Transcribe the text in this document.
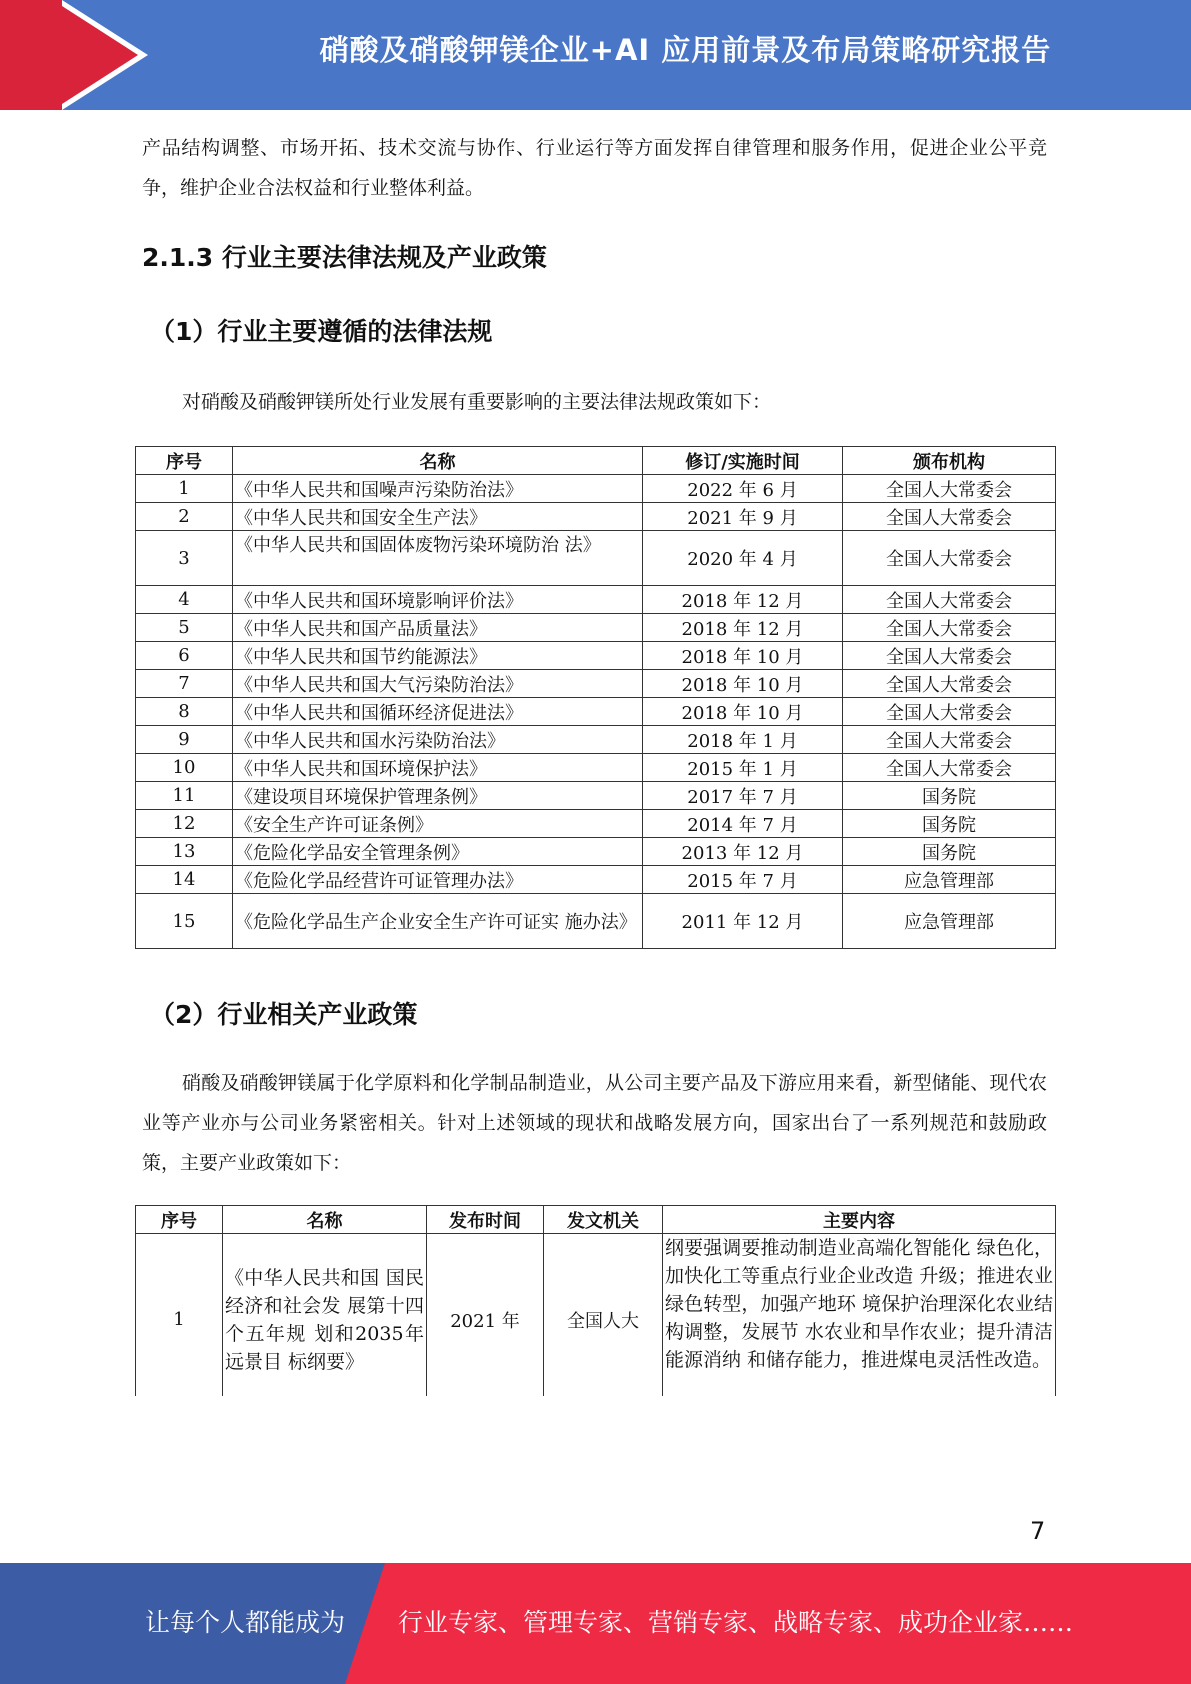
硝酸及硝酸钾镁企业+AI 应用前景及布局策略研究报告

产品结构调整、市场开拓、技术交流与协作、行业运行等方面发挥自律管理和服务作用，促进企业公平竞争，维护企业合法权益和行业整体利益。

2.1.3 行业主要法律法规及产业政策
（1）行业主要遵循的法律法规

对硝酸及硝酸钾镁所处行业发展有重要影响的主要法律法规政策如下：

序号	名称	修订/实施时间	颁布机构
1	《中华人民共和国噪声污染防治法》	2022 年 6 月	全国人大常委会
2	《中华人民共和国安全生产法》	2021 年 9 月	全国人大常委会
3	《中华人民共和国固体废物污染环境防治 法》	2020 年 4 月	全国人大常委会
4	《中华人民共和国环境影响评价法》	2018 年 12 月	全国人大常委会
5	《中华人民共和国产品质量法》	2018 年 12 月	全国人大常委会
6	《中华人民共和国节约能源法》	2018 年 10 月	全国人大常委会
7	《中华人民共和国大气污染防治法》	2018 年 10 月	全国人大常委会
8	《中华人民共和国循环经济促进法》	2018 年 10 月	全国人大常委会
9	《中华人民共和国水污染防治法》	2018 年 1 月	全国人大常委会
10	《中华人民共和国环境保护法》	2015 年 1 月	全国人大常委会
11	《建设项目环境保护管理条例》	2017 年 7 月	国务院
12	《安全生产许可证条例》	2014 年 7 月	国务院
13	《危险化学品安全管理条例》	2013 年 12 月	国务院
14	《危险化学品经营许可证管理办法》	2015 年 7 月	应急管理部
15	《危险化学品生产企业安全生产许可证实 施办法》	2011 年 12 月	应急管理部
（2）行业相关产业政策

硝酸及硝酸钾镁属于化学原料和化学制品制造业，从公司主要产品及下游应用来看，新型储能、现代农业等产业亦与公司业务紧密相关。针对上述领域的现状和战略发展方向，国家出台了一系列规范和鼓励政策，主要产业政策如下：

序号	名称	发布时间	发文机关	主要内容
1	《中华人民共和国 国民经济和社会发 展第十四个五年规 划和2035年远景目 标纲要》	2021 年	全国人大	纲要强调要推动制造业高端化智能化 绿色化，加快化工等重点行业企业改造 升级；推进农业绿色转型，加强产地环 境保护治理深化农业结构调整，发展节 水农业和旱作农业；提升清洁能源消纳 和储存能力，推进煤电灵活性改造。
7
让每个人都能成为 行业专家、管理专家、营销专家、战略专家、成功企业家……
